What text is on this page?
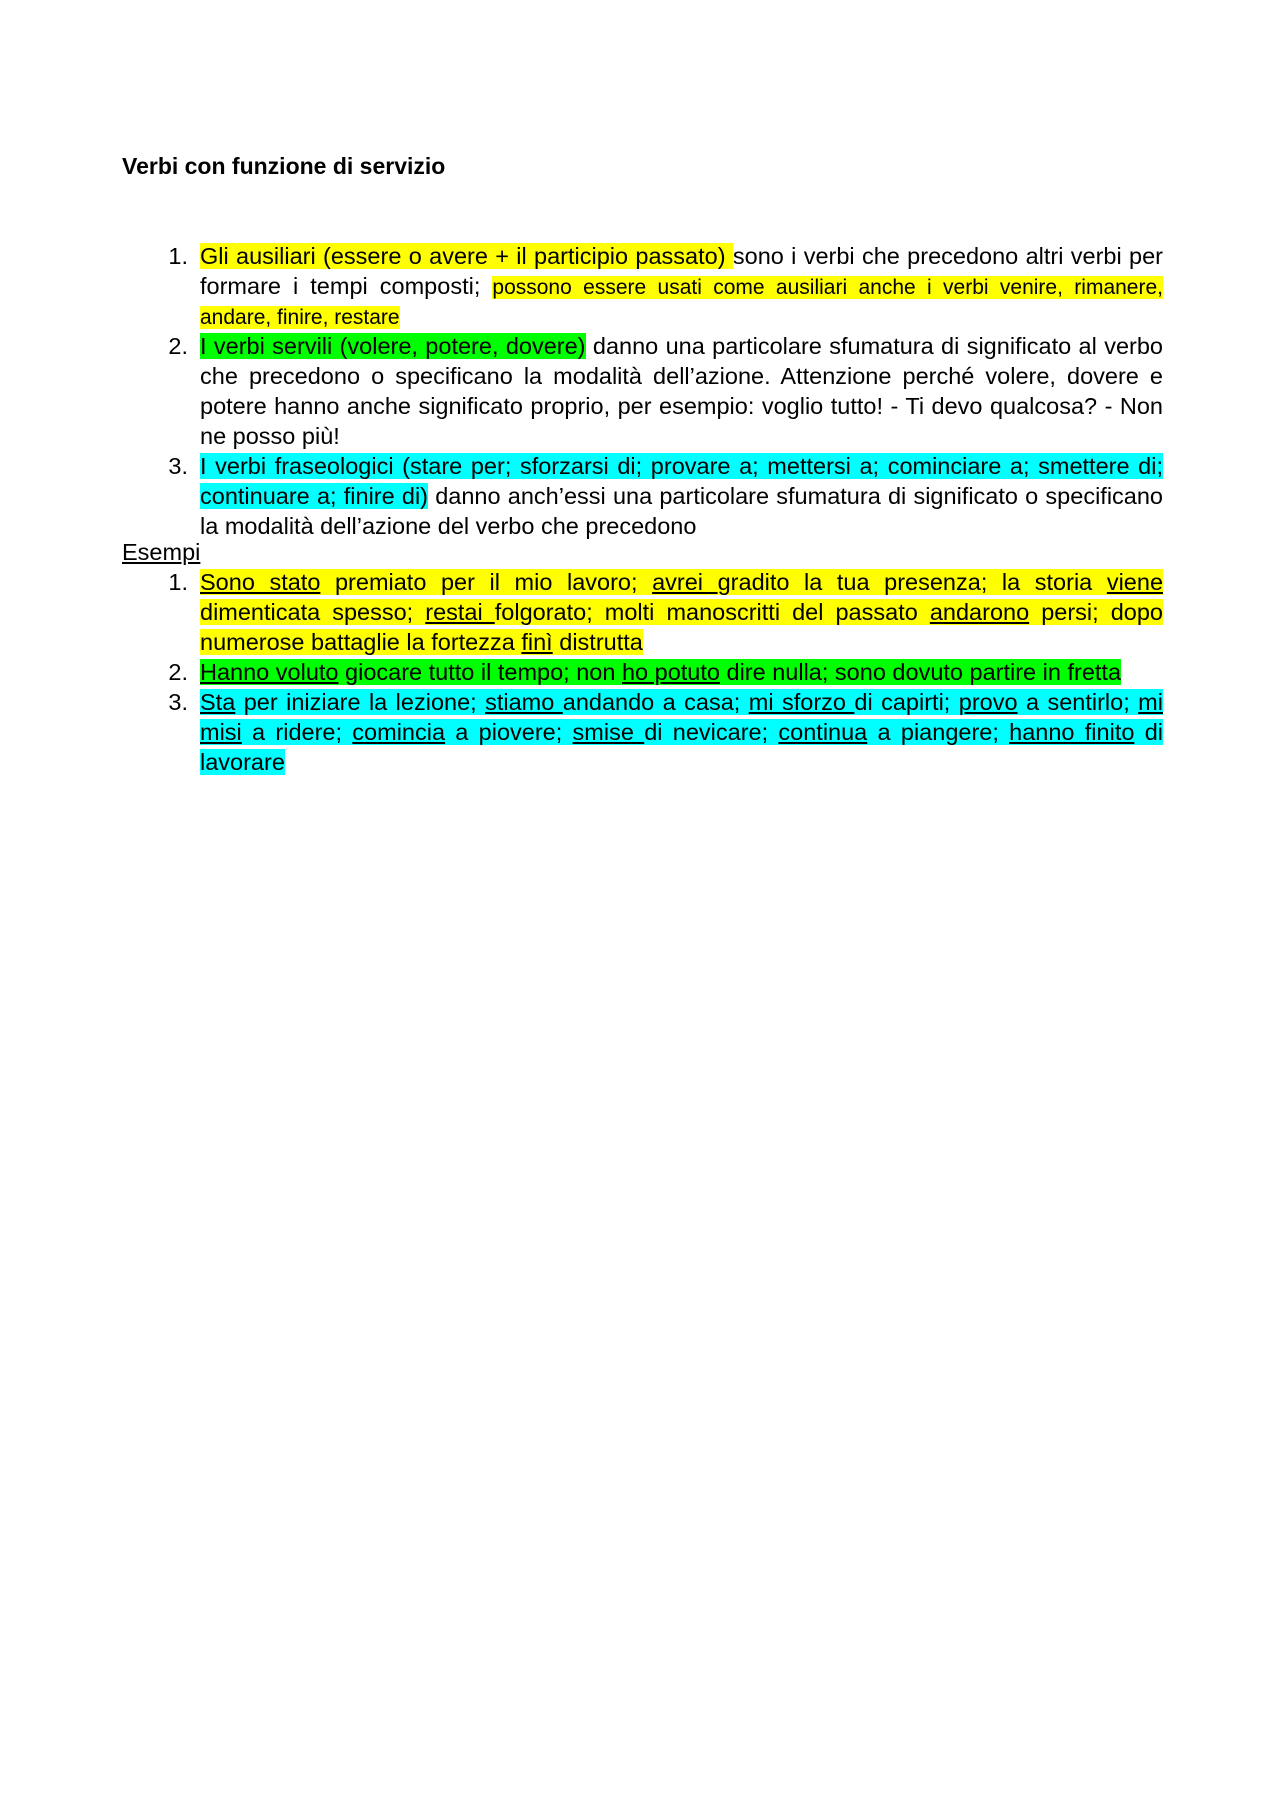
Verbi con funzione di servizio
1. Gli ausiliari (essere o avere + il participio passato) sono i verbi che precedono altri verbi per formare i tempi composti; possono essere usati come ausiliari anche i verbi venire, rimanere, andare, finire, restare
2. I verbi servili (volere, potere, dovere) danno una particolare sfumatura di significato al verbo che precedono o specificano la modalità dell’azione. Attenzione perché volere, dovere e potere hanno anche significato proprio, per esempio: voglio tutto! - Ti devo qualcosa? - Non ne posso più!
3. I verbi fraseologici (stare per; sforzarsi di; provare a; mettersi a; cominciare a; smettere di; continuare a; finire di) danno anch’essi una particolare sfumatura di significato o specificano la modalità dell’azione del verbo che precedono
Esempi
1. Sono stato premiato per il mio lavoro; avrei gradito la tua presenza; la storia viene dimenticata spesso; restai folgorato; molti manoscritti del passato andarono persi; dopo numerose battaglie la fortezza finì distrutta
2. Hanno voluto giocare tutto il tempo; non ho potuto dire nulla; sono dovuto partire in fretta
3. Sta per iniziare la lezione; stiamo andando a casa; mi sforzo di capirti; provo a sentirlo; mi misi a ridere; comincia a piovere; smise di nevicare; continua a piangere; hanno finito di lavorare
